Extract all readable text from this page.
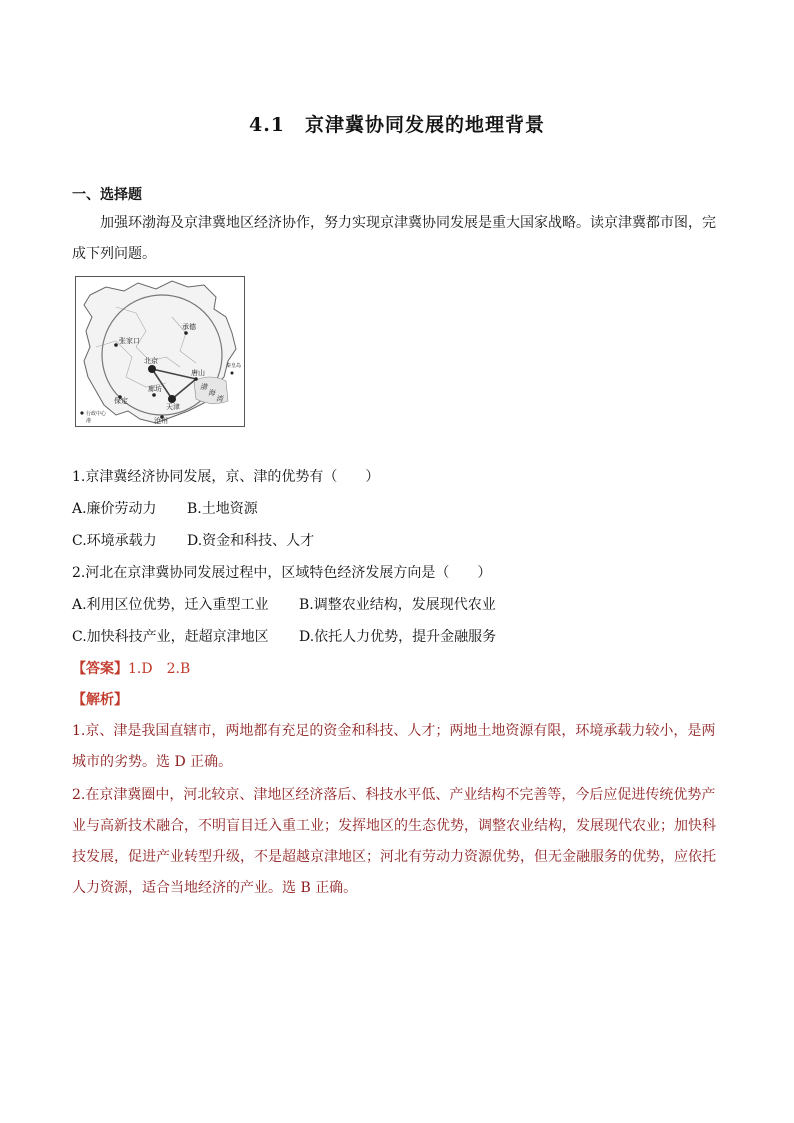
4.1　京津冀协同发展的地理背景
一、选择题
加强环渤海及京津冀地区经济协作，努力实现京津冀协同发展是重大国家战略。读京津冀都市图，完成下列问题。
承德
张家口
北京
唐山
廊坊
保定
天津
沧州
渤
海
湾
秦皇岛
行政中心
港
1.京津冀经济协同发展，京、津的优势有（　　）
A.廉价劳动力 B.土地资源
C.环境承载力 D.资金和科技、人才
2.河北在京津冀协同发展过程中，区域特色经济发展方向是（　　）
A.利用区位优势，迁入重型工业 B.调整农业结构，发展现代农业
C.加快科技产业，赶超京津地区 D.依托人力优势，提升金融服务
【答案】1.D　2.B
【解析】
1.京、津是我国直辖市，两地都有充足的资金和科技、人才；两地土地资源有限，环境承载力较小，是两城市的劣势。选 D 正确。
2.在京津冀圈中，河北较京、津地区经济落后、科技水平低、产业结构不完善等，今后应促进传统优势产业与高新技术融合，不明盲目迁入重工业；发挥地区的生态优势，调整农业结构，发展现代农业；加快科技发展，促进产业转型升级，不是超越京津地区；河北有劳动力资源优势，但无金融服务的优势，应依托人力资源，适合当地经济的产业。选 B 正确。
